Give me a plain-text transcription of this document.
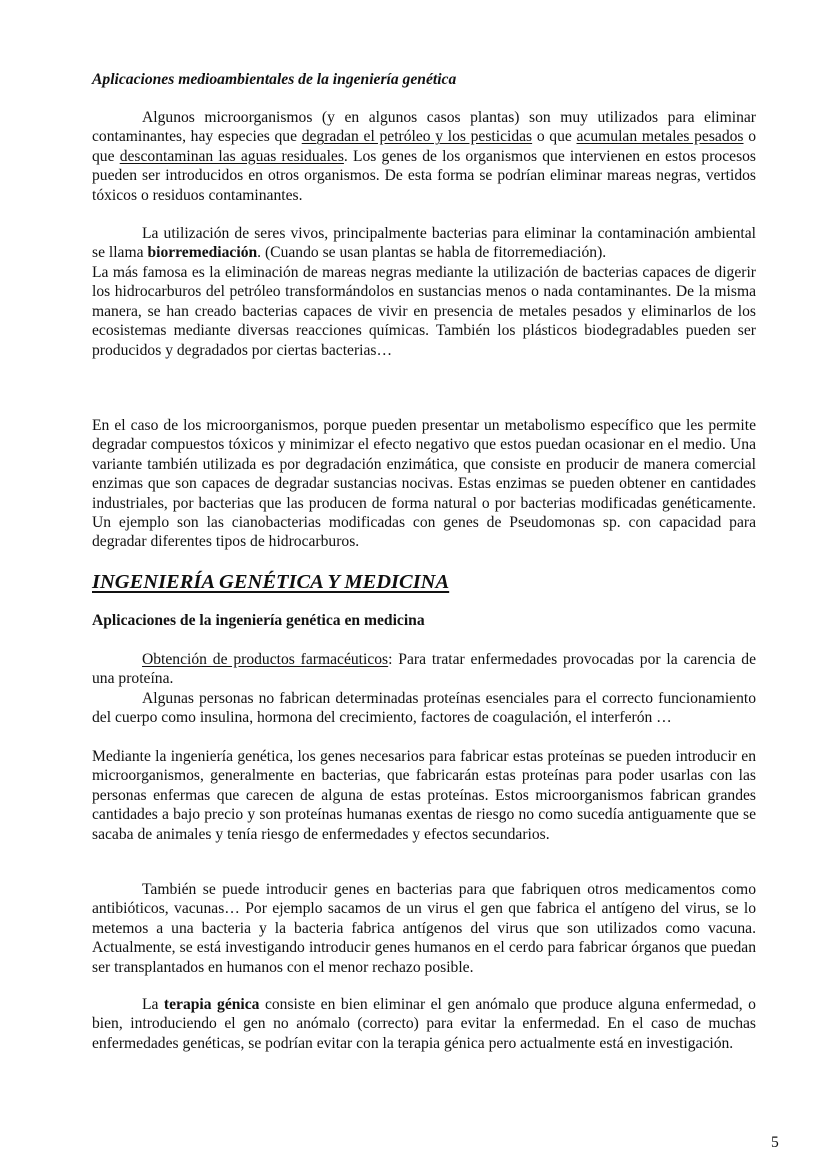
Aplicaciones medioambientales de la ingeniería genética
Algunos microorganismos (y en algunos casos plantas) son muy utilizados para eliminar contaminantes, hay especies que degradan el petróleo y los pesticidas o que acumulan metales pesados o que descontaminan las aguas residuales. Los genes de los organismos que intervienen en estos procesos pueden ser introducidos en otros organismos. De esta forma se podrían eliminar mareas negras, vertidos tóxicos o residuos contaminantes.
La utilización de seres vivos, principalmente bacterias para eliminar la contaminación ambiental se llama biorremediación. (Cuando se usan plantas se habla de fitorremediación).
La más famosa es la eliminación de mareas negras mediante la utilización de bacterias capaces de digerir los hidrocarburos del petróleo transformándolos en sustancias menos o nada contaminantes. De la misma manera, se han creado bacterias capaces de vivir en presencia de metales pesados y eliminarlos de los ecosistemas mediante diversas reacciones químicas. También los plásticos biodegradables pueden ser producidos y degradados por ciertas bacterias…
En el caso de los microorganismos, porque pueden presentar un metabolismo específico que les permite degradar compuestos tóxicos y minimizar el efecto negativo que estos puedan ocasionar en el medio. Una variante también utilizada es por degradación enzimática, que consiste en producir de manera comercial enzimas que son capaces de degradar sustancias nocivas. Estas enzimas se pueden obtener en cantidades industriales, por bacterias que las producen de forma natural o por bacterias modificadas genéticamente. Un ejemplo son las cianobacterias modificadas con genes de Pseudomonas sp. con capacidad para degradar diferentes tipos de hidrocarburos.
INGENIERÍA GENÉTICA Y MEDICINA
Aplicaciones de la ingeniería genética en medicina
Obtención de productos farmacéuticos: Para tratar enfermedades provocadas por la carencia de una proteína.
Algunas personas no fabrican determinadas proteínas esenciales para el correcto funcionamiento del cuerpo como insulina, hormona del crecimiento, factores de coagulación, el interferón …
Mediante la ingeniería genética, los genes necesarios para fabricar estas proteínas se pueden introducir en microorganismos, generalmente en bacterias, que fabricarán estas proteínas para poder usarlas con las personas enfermas que carecen de alguna de estas proteínas. Estos microorganismos fabrican grandes cantidades a bajo precio y son proteínas humanas exentas de riesgo no como sucedía antiguamente que se sacaba de animales y tenía riesgo de enfermedades y efectos secundarios.
También se puede introducir genes en bacterias para que fabriquen otros medicamentos como antibióticos, vacunas… Por ejemplo sacamos de un virus el gen que fabrica el antígeno del virus, se lo metemos a una bacteria y la bacteria fabrica antígenos del virus que son utilizados como vacuna. Actualmente, se está investigando introducir genes humanos en el cerdo para fabricar órganos que puedan ser transplantados en humanos con el menor rechazo posible.
La terapia génica consiste en bien eliminar el gen anómalo que produce alguna enfermedad, o bien, introduciendo el gen no anómalo (correcto) para evitar la enfermedad. En el caso de muchas enfermedades genéticas, se podrían evitar con la terapia génica pero actualmente está en investigación.
5
